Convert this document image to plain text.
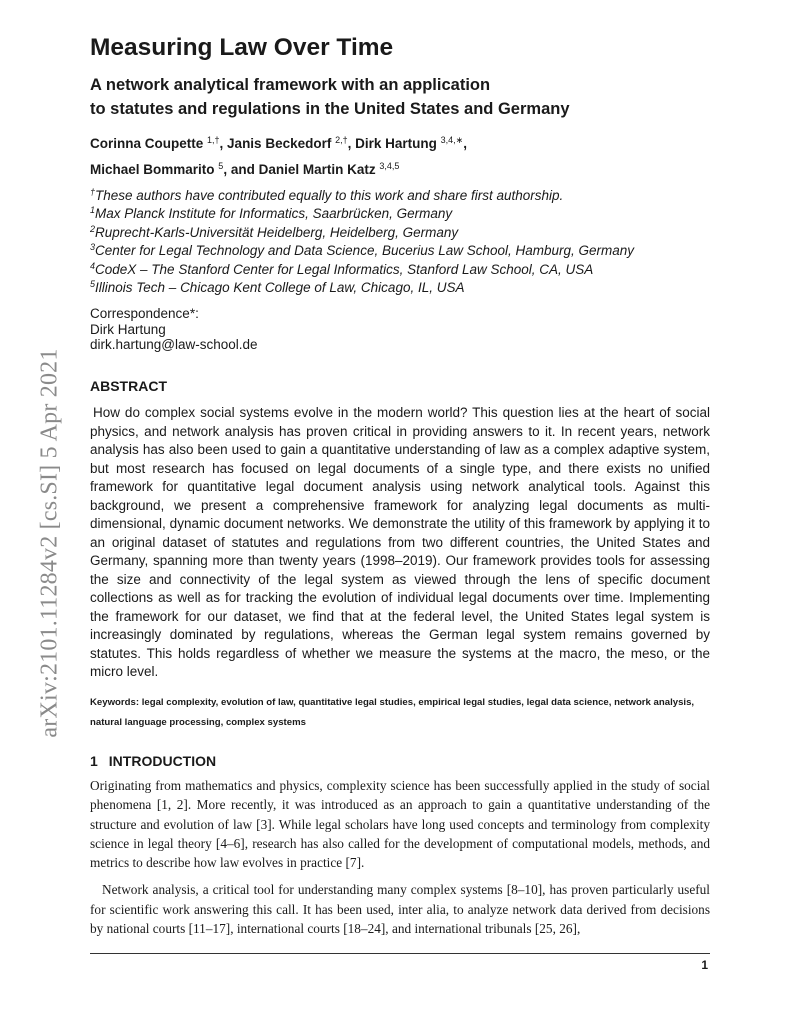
arXiv:2101.11284v2 [cs.SI] 5 Apr 2021
Measuring Law Over Time
A network analytical framework with an application
to statutes and regulations in the United States and Germany
Corinna Coupette $^{1,\dagger}$, Janis Beckedorf $^{2,\dagger}$, Dirk Hartung $^{3,4,∗}$,
Michael Bommarito $^5$, and Daniel Martin Katz $^{3,4,5}$
†These authors have contributed equally to this work and share first authorship.
$^1$Max Planck Institute for Informatics, Saarbrücken, Germany
$^2$Ruprecht-Karls-Universität Heidelberg, Heidelberg, Germany
$^3$Center for Legal Technology and Data Science, Bucerius Law School, Hamburg, Germany
$^4$CodeX – The Stanford Center for Legal Informatics, Stanford Law School, CA, USA
$^5$Illinois Tech – Chicago Kent College of Law, Chicago, IL, USA
Correspondence*:
Dirk Hartung
dirk.hartung@law-school.de
ABSTRACT

How do complex social systems evolve in the modern world? This question lies at the heart of social physics, and network analysis has proven critical in providing answers to it. In recent years, network analysis has also been used to gain a quantitative understanding of law as a complex adaptive system, but most research has focused on legal documents of a single type, and there exists no unified framework for quantitative legal document analysis using network analytical tools. Against this background, we present a comprehensive framework for analyzing legal documents as multi-dimensional, dynamic document networks. We demonstrate the utility of this framework by applying it to an original dataset of statutes and regulations from two different countries, the United States and Germany, spanning more than twenty years (1998–2019). Our framework provides tools for assessing the size and connectivity of the legal system as viewed through the lens of specific document collections as well as for tracking the evolution of individual legal documents over time. Implementing the framework for our dataset, we find that at the federal level, the United States legal system is increasingly dominated by regulations, whereas the German legal system remains governed by statutes. This holds regardless of whether we measure the systems at the macro, the meso, or the micro level.

Keywords: legal complexity, evolution of law, quantitative legal studies, empirical legal studies, legal data science, network analysis, natural language processing, complex systems
1 INTRODUCTION

Originating from mathematics and physics, complexity science has been successfully applied in the study of social phenomena [1, 2]. More recently, it was introduced as an approach to gain a quantitative understanding of the structure and evolution of law [3]. While legal scholars have long used concepts and terminology from complexity science in legal theory [4–6], research has also called for the development of computational models, methods, and metrics to describe how law evolves in practice [7].

Network analysis, a critical tool for understanding many complex systems [8–10], has proven particularly useful for scientific work answering this call. It has been used, inter alia, to analyze network data derived from decisions by national courts [11–17], international courts [18–24], and international tribunals [25, 26],

1
